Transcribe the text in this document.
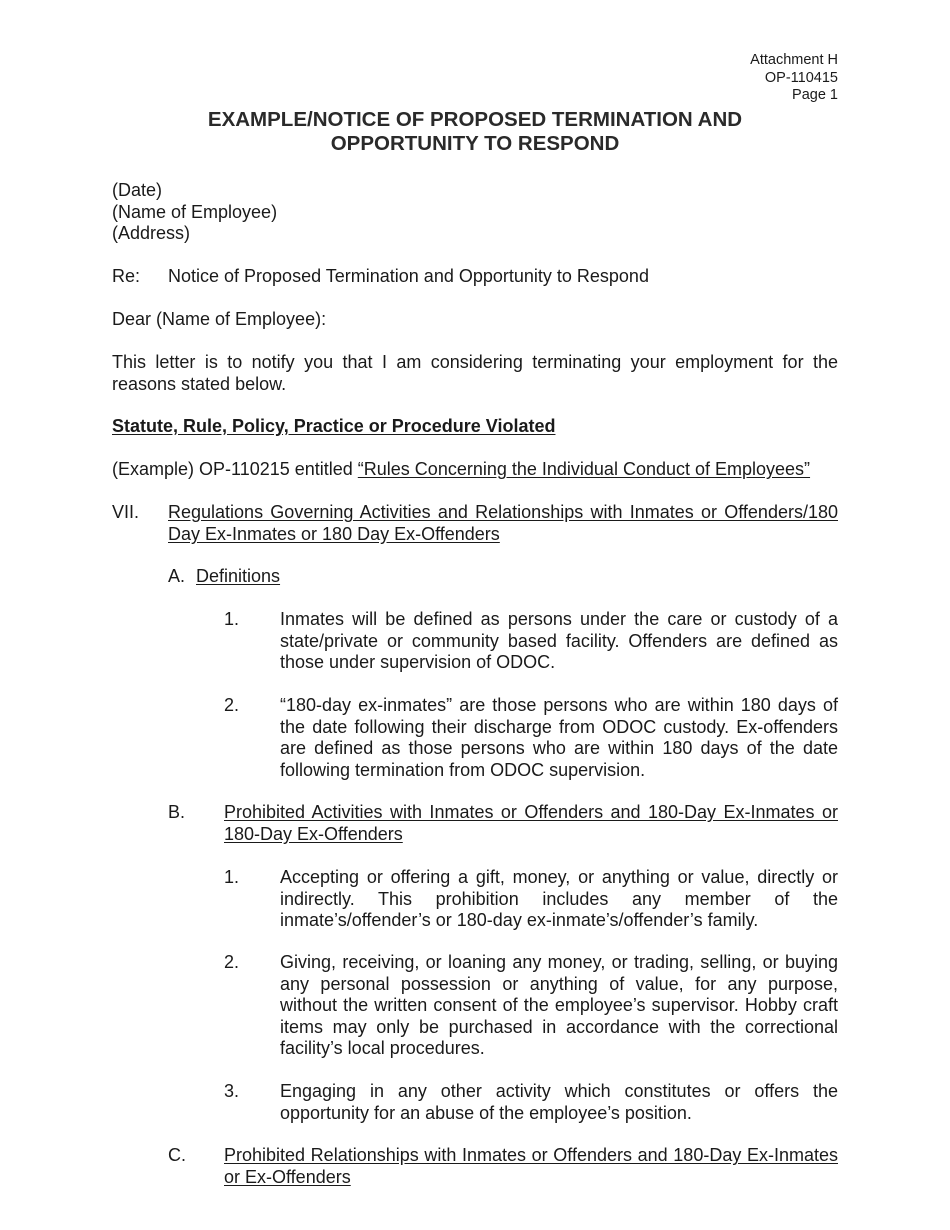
Attachment H
OP-110415
Page 1
EXAMPLE/NOTICE OF PROPOSED TERMINATION AND
OPPORTUNITY TO RESPOND
(Date)
(Name of Employee)
(Address)
Re: Notice of Proposed Termination and Opportunity to Respond
Dear (Name of Employee):
This letter is to notify you that I am considering terminating your employment for the reasons stated below.
Statute, Rule, Policy, Practice or Procedure Violated
(Example) OP-110215 entitled “Rules Concerning the Individual Conduct of Employees”
VII. Regulations Governing Activities and Relationships with Inmates or Offenders/180 Day Ex-Inmates or 180 Day Ex-Offenders
A. Definitions
1. Inmates will be defined as persons under the care or custody of a state/private or community based facility. Offenders are defined as those under supervision of ODOC.
2. “180-day ex-inmates” are those persons who are within 180 days of the date following their discharge from ODOC custody. Ex-offenders are defined as those persons who are within 180 days of the date following termination from ODOC supervision.
B. Prohibited Activities with Inmates or Offenders and 180-Day Ex-Inmates or 180-Day Ex-Offenders
1. Accepting or offering a gift, money, or anything or value, directly or indirectly. This prohibition includes any member of the inmate’s/offender’s or 180-day ex-inmate’s/offender’s family.
2. Giving, receiving, or loaning any money, or trading, selling, or buying any personal possession or anything of value, for any purpose, without the written consent of the employee’s supervisor. Hobby craft items may only be purchased in accordance with the correctional facility’s local procedures.
3. Engaging in any other activity which constitutes or offers the opportunity for an abuse of the employee’s position.
C. Prohibited Relationships with Inmates or Offenders and 180-Day Ex-Inmates or Ex-Offenders
